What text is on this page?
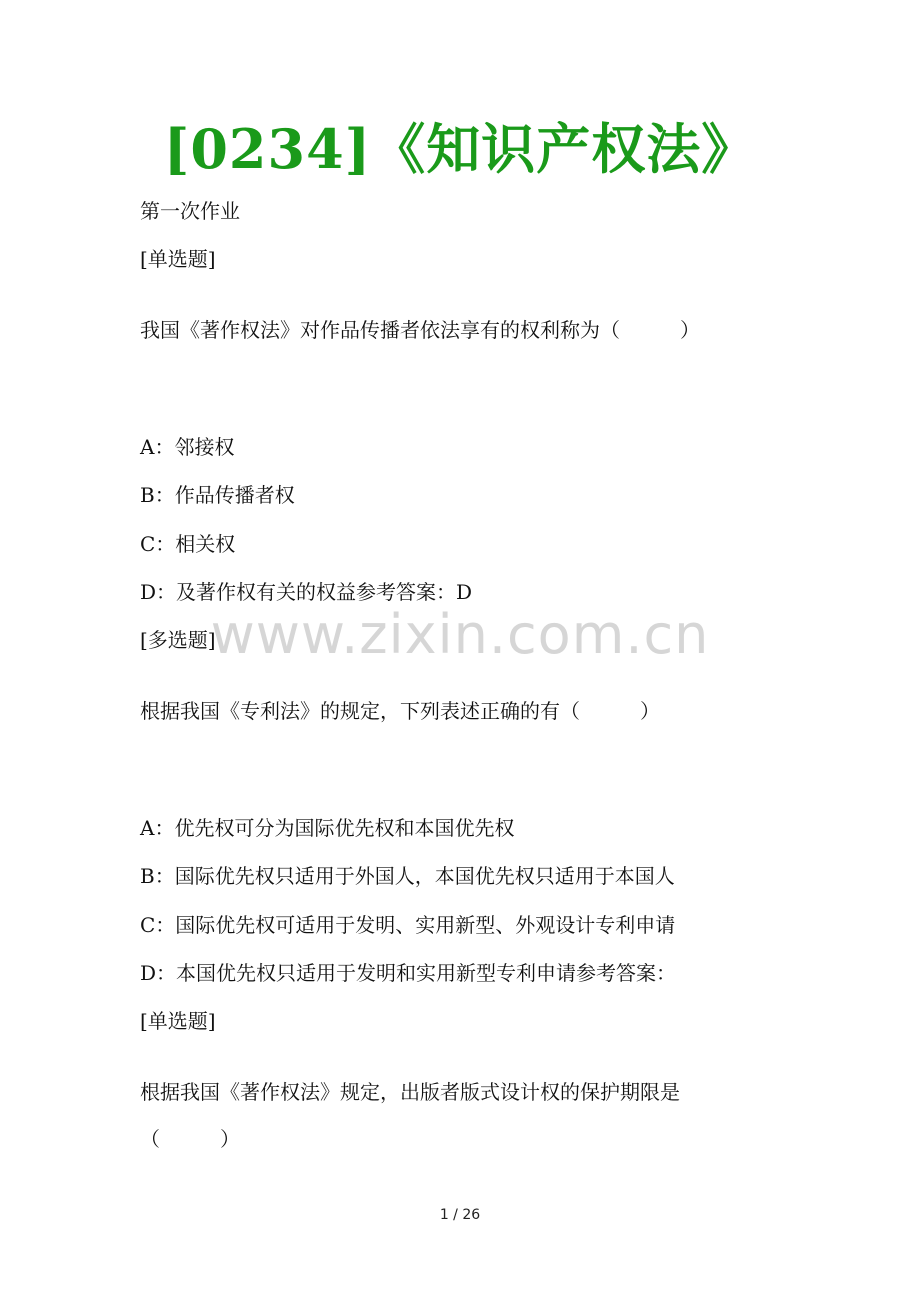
[0234]《知识产权法》
第一次作业
[单选题]
我国《著作权法》对作品传播者依法享有的权利称为（　　　）
A：邻接权
B：作品传播者权
C：相关权
D：及著作权有关的权益参考答案：D
[多选题]
根据我国《专利法》的规定，下列表述正确的有（　　　）
A：优先权可分为国际优先权和本国优先权
B：国际优先权只适用于外国人，本国优先权只适用于本国人
C：国际优先权可适用于发明、实用新型、外观设计专利申请
D：本国优先权只适用于发明和实用新型专利申请参考答案：
[单选题]
根据我国《著作权法》规定，出版者版式设计权的保护期限是
（　　　）
www.zixin.com.cn
1 / 26
